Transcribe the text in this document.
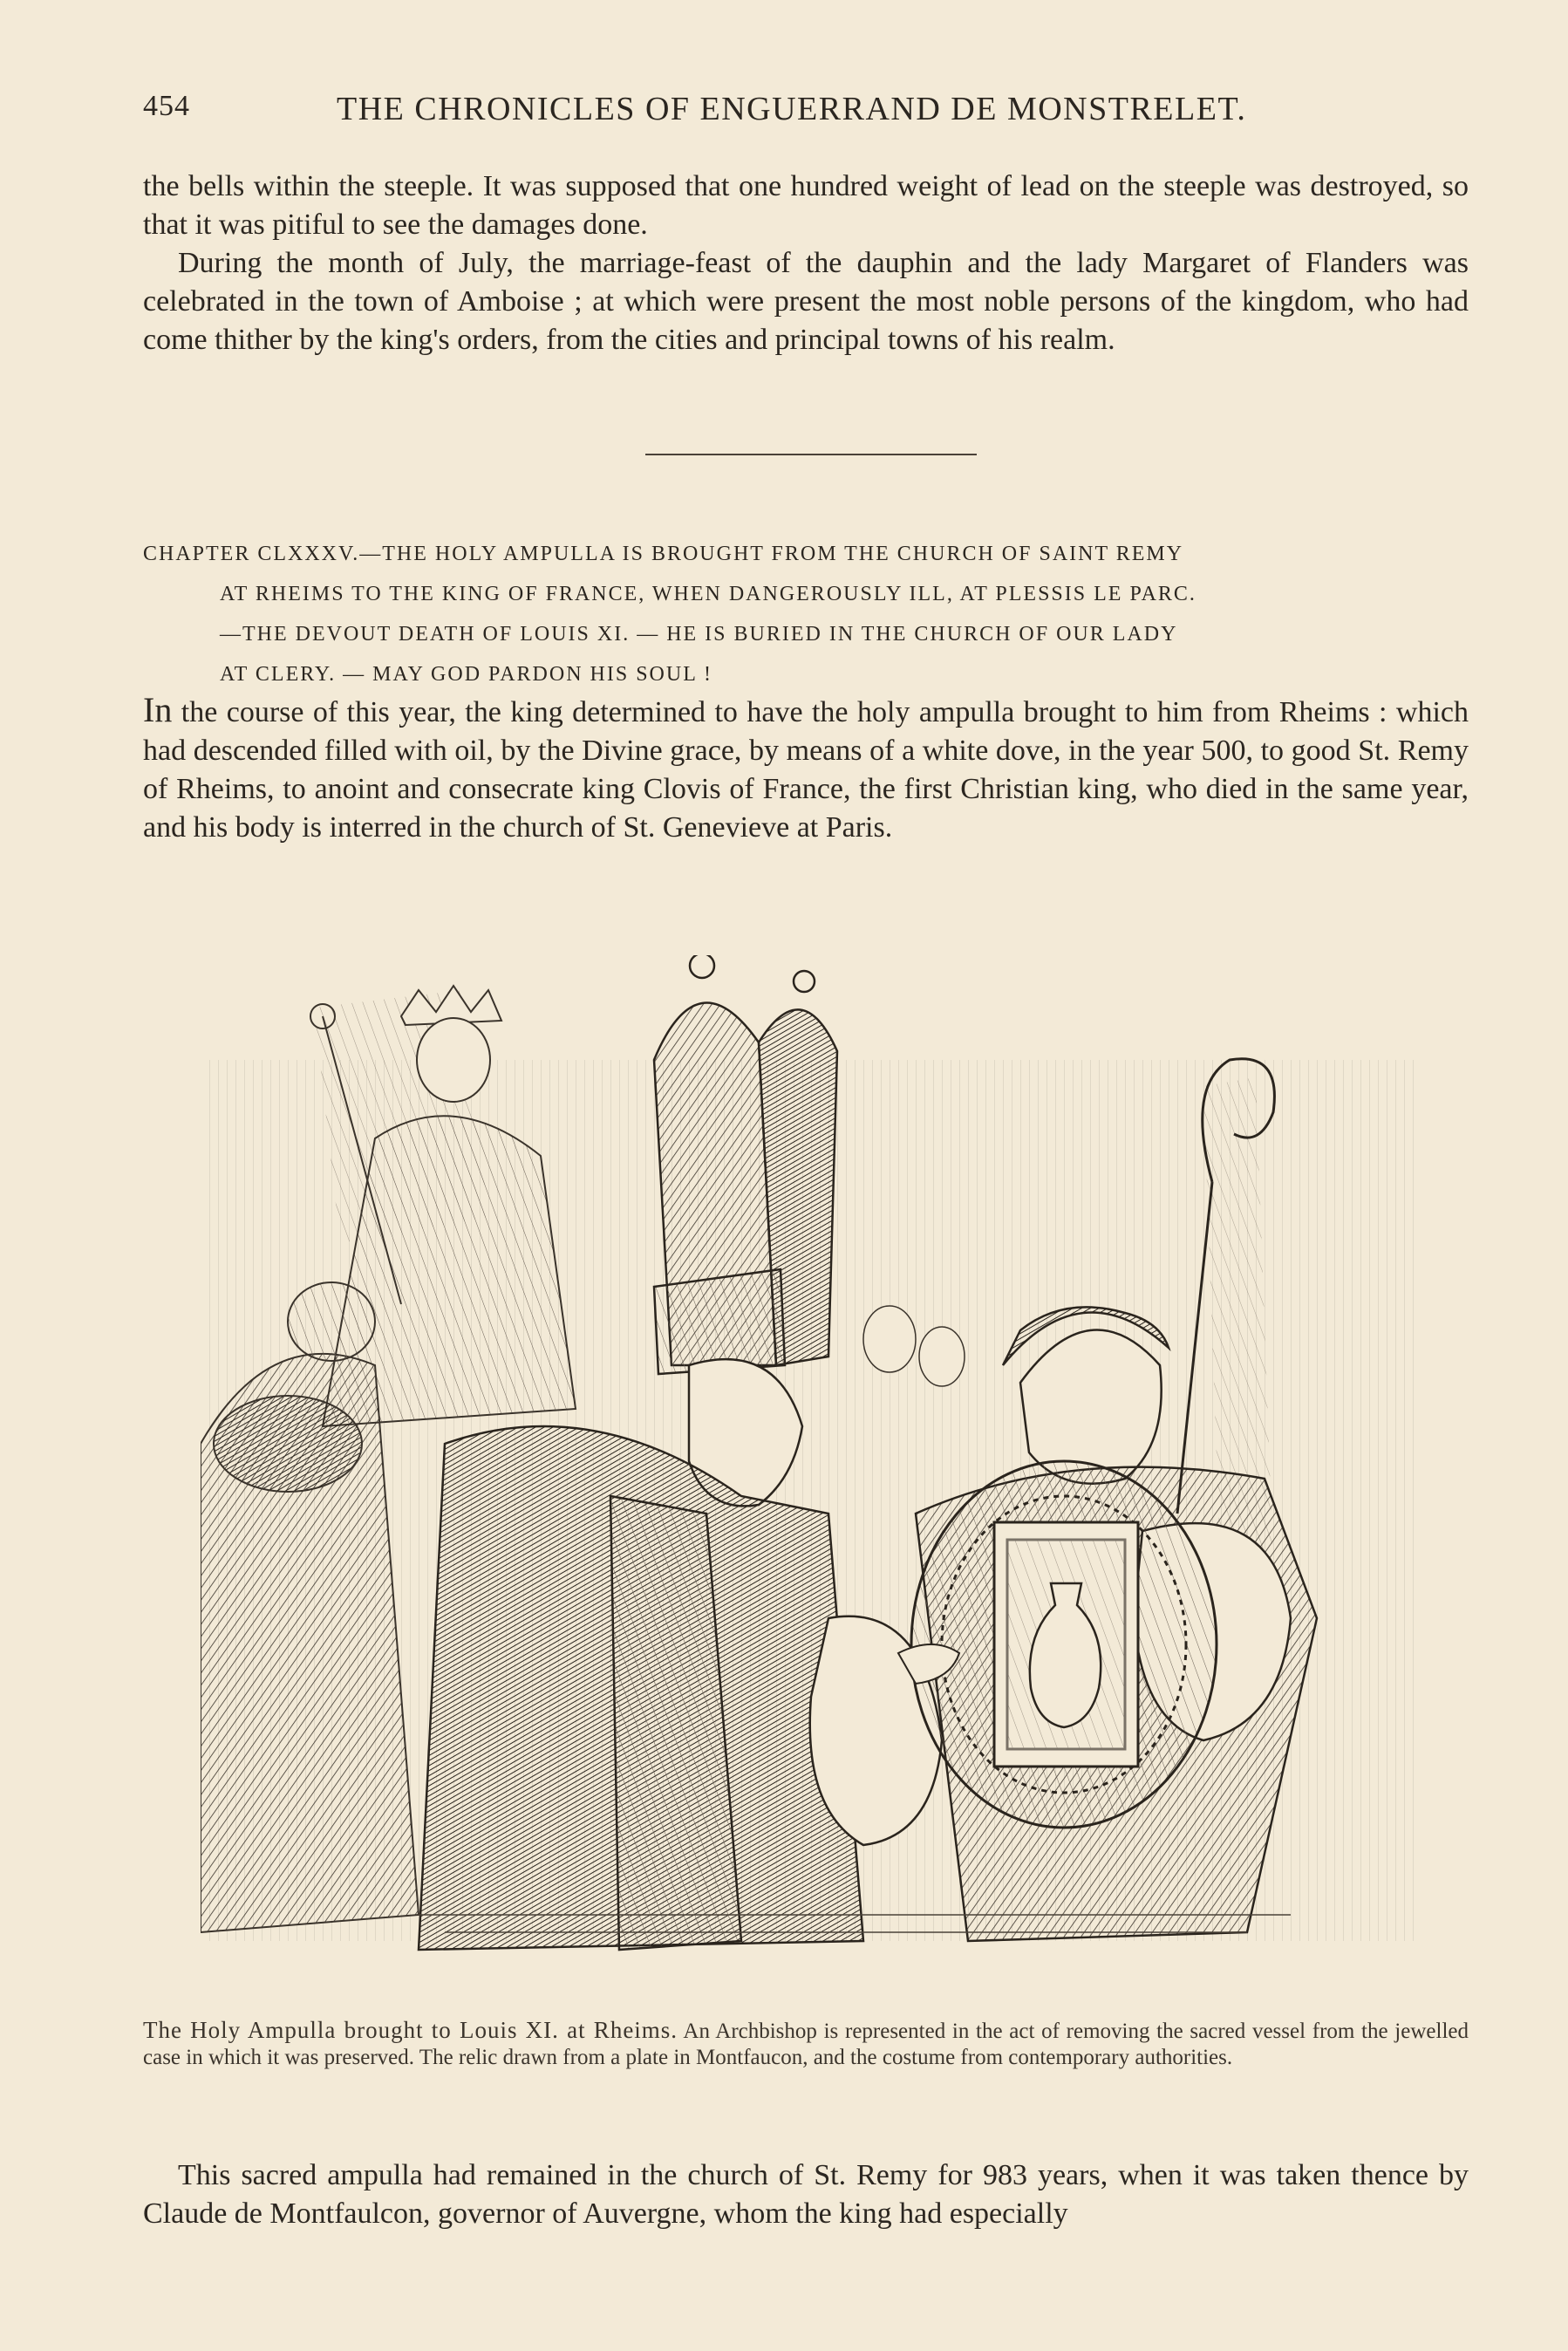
454	THE CHRONICLES OF ENGUERRAND DE MONSTRELET.

the bells within the steeple. It was supposed that one hundred weight of lead on the steeple was destroyed, so that it was pitiful to see the damages done.

During the month of July, the marriage-feast of the dauphin and the lady Margaret of Flanders was celebrated in the town of Amboise ; at which were present the most noble persons of the kingdom, who had come thither by the king's orders, from the cities and principal towns of his realm.

CHAPTER CLXXXV.—THE HOLY AMPULLA IS BROUGHT FROM THE CHURCH OF SAINT REMY
AT RHEIMS TO THE KING OF FRANCE, WHEN DANGEROUSLY ILL, AT PLESSIS LE PARC.
—THE DEVOUT DEATH OF LOUIS XI. — HE IS BURIED IN THE CHURCH OF OUR LADY
AT CLERY. — MAY GOD PARDON HIS SOUL !

In the course of this year, the king determined to have the holy ampulla brought to him from Rheims : which had descended filled with oil, by the Divine grace, by means of a white dove, in the year 500, to good St. Remy of Rheims, to anoint and consecrate king Clovis of France, the first Christian king, who died in the same year, and his body is interred in the church of St. Genevieve at Paris.

The Holy Ampulla brought to Louis XI. at Rheims. An Archbishop is represented in the act of removing the sacred vessel from the jewelled case in which it was preserved. The relic drawn from a plate in Montfaucon, and the costume from contemporary authorities.

This sacred ampulla had remained in the church of St. Remy for 983 years, when it was taken thence by Claude de Montfaulcon, governor of Auvergne, whom the king had especially
